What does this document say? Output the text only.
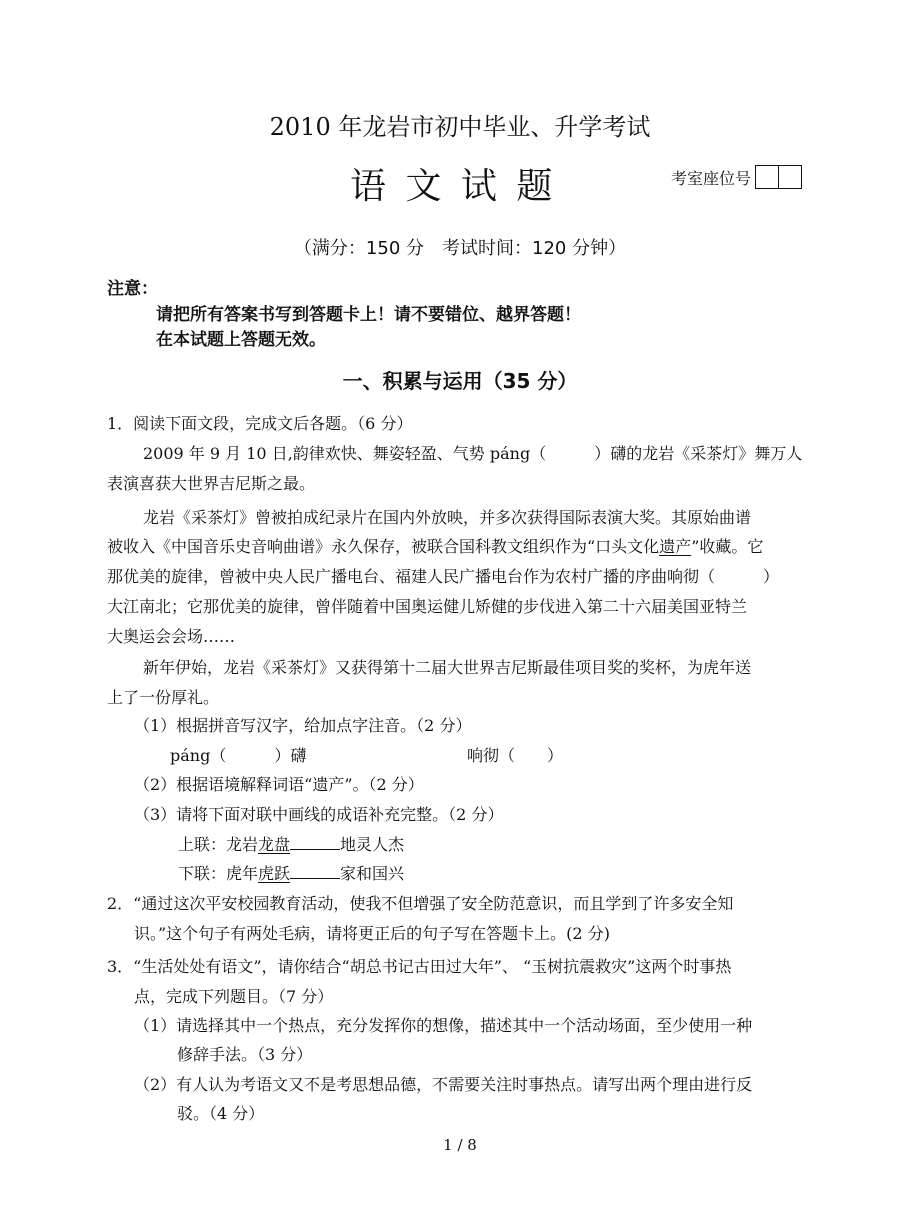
2010 年龙岩市初中毕业、升学考试
语 文 试 题	考室座位号
（满分：150 分　考试时间：120 分钟）
注意：
请把所有答案书写到答题卡上！请不要错位、越界答题！
在本试题上答题无效。
一、积累与运用（35 分）
1．阅读下面文段，完成文后各题。（6 分）
2009 年 9 月 10 日,韵律欢快、舞姿轻盈、气势 páng（　　　）礴的龙岩《采茶灯》舞万人
表演喜获大世界吉尼斯之最。
龙岩《采茶灯》曾被拍成纪录片在国内外放映，并多次获得国际表演大奖。其原始曲谱
被收入《中国音乐史音响曲谱》永久保存，被联合国科教文组织作为“口头文化遗产”收藏。它
那优美的旋律，曾被中央人民广播电台、福建人民广播电台作为农村广播的序曲响彻（　　　）
大江南北；它那优美的旋律，曾伴随着中国奥运健儿矫健的步伐进入第二十六届美国亚特兰
大奥运会会场……
新年伊始，龙岩《采茶灯》又获得第十二届大世界吉尼斯最佳项目奖的奖杯，为虎年送
上了一份厚礼。
（1）根据拼音写汉字，给加点字注音。（2 分）
páng（　　　）礴	响彻（　　）
（2）根据语境解释词语“遗产”。（2 分）
（3）请将下面对联中画线的成语补充完整。（2 分）
上联：龙岩龙盘	地灵人杰
下联：虎年虎跃	家和国兴
2．“通过这次平安校园教育活动，使我不但增强了安全防范意识，而且学到了许多安全知
识。”这个句子有两处毛病，请将更正后的句子写在答题卡上。(2 分)
3．“生活处处有语文”，请你结合“胡总书记古田过大年”、 “玉树抗震救灾”这两个时事热
点，完成下列题目。（7 分）
（1）请选择其中一个热点，充分发挥你的想像，描述其中一个活动场面，至少使用一种
修辞手法。（3 分）
（2）有人认为考语文又不是考思想品德，不需要关注时事热点。请写出两个理由进行反
驳。（4 分）
1 / 8
